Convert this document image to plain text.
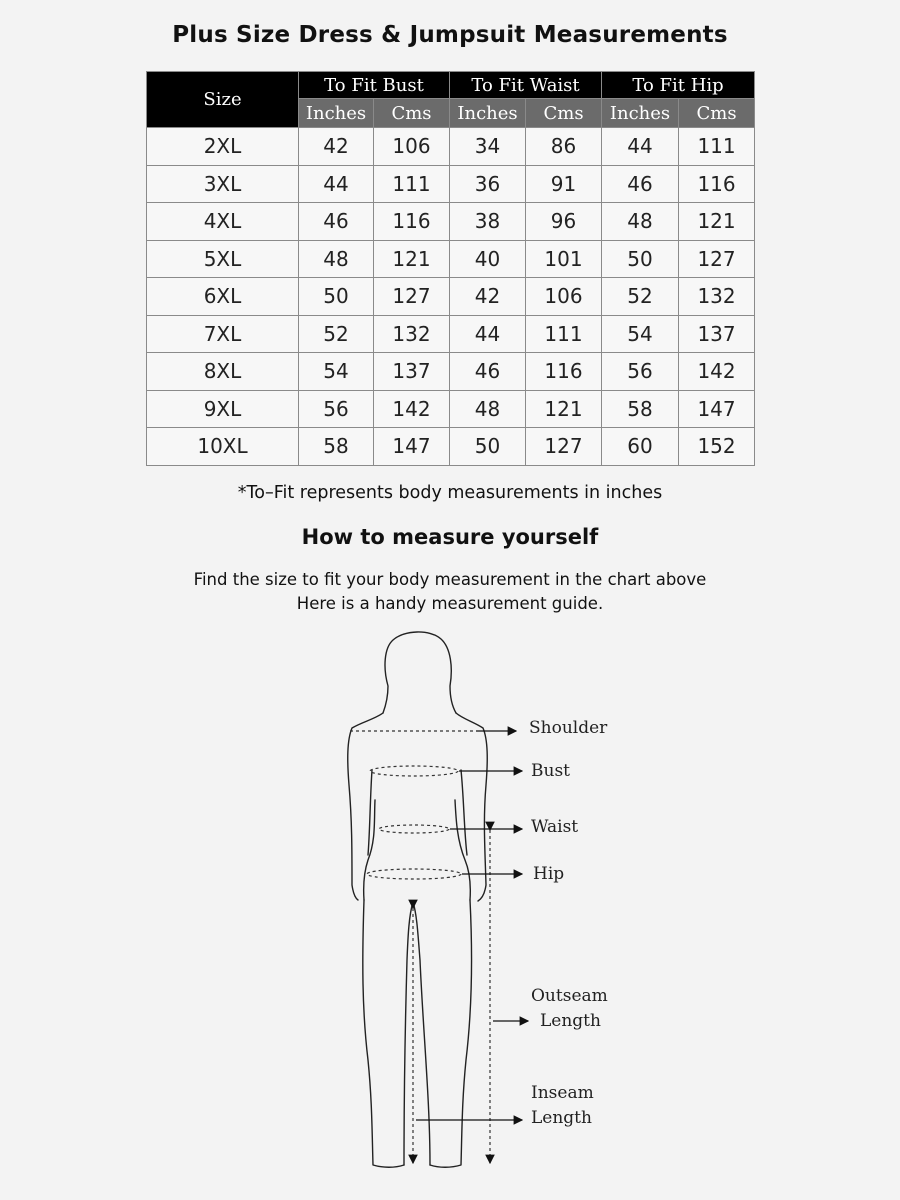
Plus Size Dress & Jumpsuit Measurements
Size	To Fit Bust		To Fit Waist		To Fit Hip	
	Inches	Cms	Inches	Cms	Inches	Cms
2XL	42	106	34	86	44	111
3XL	44	111	36	91	46	116
4XL	46	116	38	96	48	121
5XL	48	121	40	101	50	127
6XL	50	127	42	106	52	132
7XL	52	132	44	111	54	137
8XL	54	137	46	116	56	142
9XL	56	142	48	121	58	147
10XL	58	147	50	127	60	152
*To–Fit represents body measurements in inches
How to measure yourself
Find the size to fit your body measurement in the chart above
Here is a handy measurement guide.
Shoulder
Bust
Waist
Hip
Outseam
Length
Inseam
Length
